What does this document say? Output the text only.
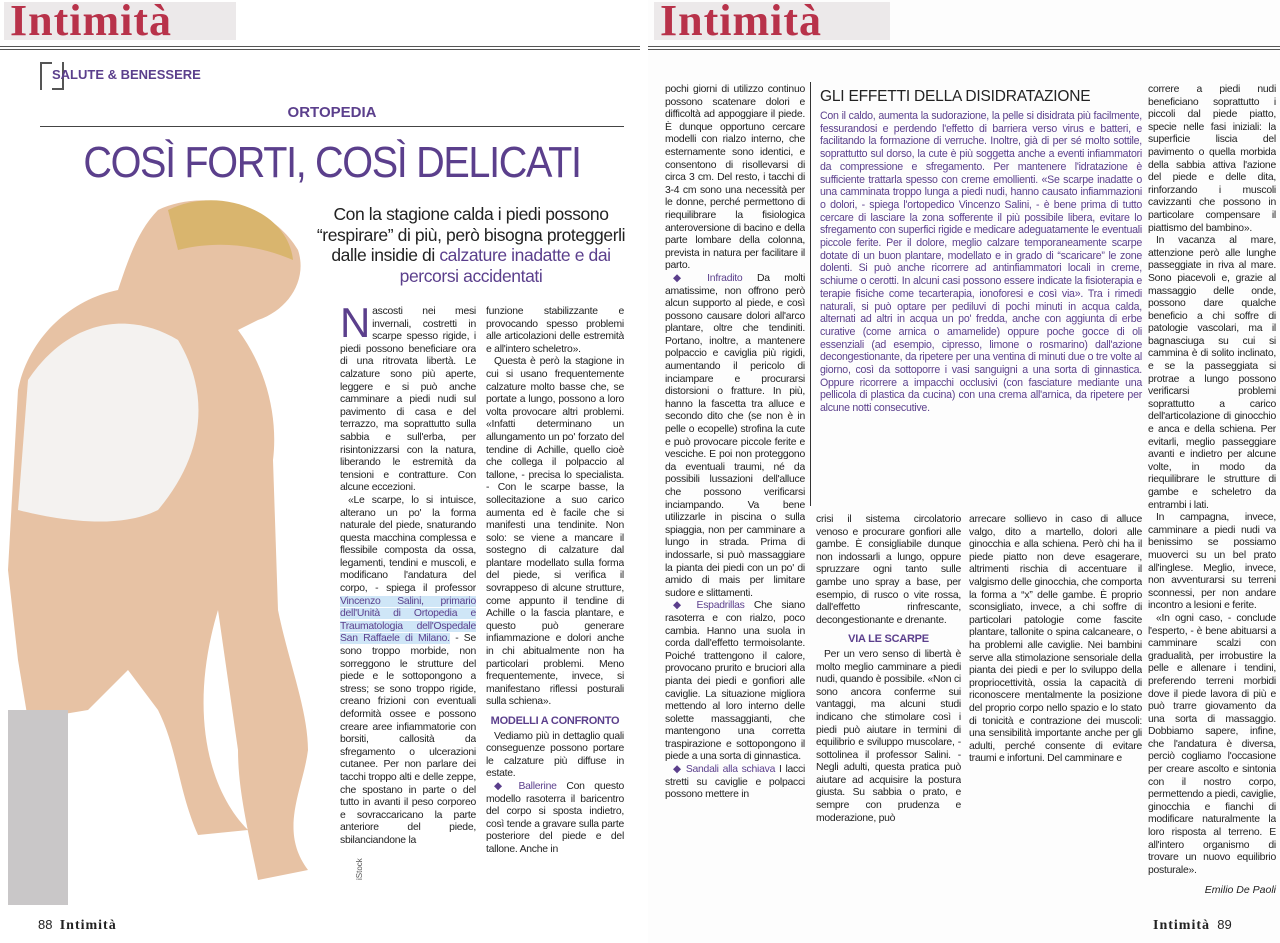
Intimità
SALUTE & BENESSERE
ORTOPEDIA
COSÌ FORTI, COSÌ DELICATI
iStock
Con la stagione calda i piedi possono “respirare” di più, però bisogna proteggerli dalle insidie di calzature inadatte e dai percorsi accidentati

Nascosti nei mesi invernali, costretti in scarpe spesso rigide, i piedi possono beneficiare ora di una ritrovata libertà. Le calzature sono più aperte, leggere e si può anche camminare a piedi nudi sul pavimento di casa e del terrazzo, ma soprattutto sulla sabbia e sull'erba, per risintonizzarsi con la natura, liberando le estremità da tensioni e contratture. Con alcune eccezioni.

«Le scarpe, lo si intuisce, alterano un po' la forma naturale del piede, snaturando questa macchina complessa e flessibile composta da ossa, legamenti, tendini e muscoli, e modificano l'andatura del corpo, - spiega il professor Vincenzo Salini, primario dell'Unità di Ortopedia e Traumatologia dell'Ospedale San Raffaele di Milano. - Se sono troppo morbide, non sorreggono le strutture del piede e le sottopongono a stress; se sono troppo rigide, creano frizioni con eventuali deformità ossee e possono creare aree infiammatorie con borsiti, callosità da sfregamento o ulcerazioni cutanee. Per non parlare dei tacchi troppo alti e delle zeppe, che spostano in parte o del tutto in avanti il peso corporeo e sovraccaricano la parte anteriore del piede, sbilanciandone la

funzione stabilizzante e provocando spesso problemi alle articolazioni delle estremità e all'intero scheletro».

Questa è però la stagione in cui si usano frequentemente calzature molto basse che, se portate a lungo, possono a loro volta provocare altri problemi. «Infatti determinano un allungamento un po' forzato del tendine di Achille, quello cioè che collega il polpaccio al tallone, - precisa lo specialista. - Con le scarpe basse, la sollecitazione a suo carico aumenta ed è facile che si manifesti una tendinite. Non solo: se viene a mancare il sostegno di calzature dal plantare modellato sulla forma del piede, si verifica il sovrappeso di alcune strutture, come appunto il tendine di Achille o la fascia plantare, e questo può generare infiammazione e dolori anche in chi abitualmente non ha particolari problemi. Meno frequentemente, invece, si manifestano riflessi posturali sulla schiena».

MODELLI A CONFRONTO

Vediamo più in dettaglio quali conseguenze possono portare le calzature più diffuse in estate.

◆ Ballerine Con questo modello rasoterra il baricentro del corpo si sposta indietro, così tende a gravare sulla parte posteriore del piede e del tallone. Anche in

88 Intimità
Intimità

pochi giorni di utilizzo continuo possono scatenare dolori e difficoltà ad appoggiare il piede. È dunque opportuno cercare modelli con rialzo interno, che esternamente sono identici, e consentono di risollevarsi di circa 3 cm. Del resto, i tacchi di 3-4 cm sono una necessità per le donne, perché permettono di riequilibrare la fisiologica anteroversione di bacino e della parte lombare della colonna, prevista in natura per facilitare il parto.

◆ Infradito Da molti amatissime, non offrono però alcun supporto al piede, e così possono causare dolori all'arco plantare, oltre che tendiniti. Portano, inoltre, a mantenere polpaccio e caviglia più rigidi, aumentando il pericolo di inciampare e procurarsi distorsioni o fratture. In più, hanno la fascetta tra alluce e secondo dito che (se non è in pelle o ecopelle) strofina la cute e può provocare piccole ferite e vesciche. E poi non proteggono da eventuali traumi, né da possibili lussazioni dell'alluce che possono verificarsi inciampando. Va bene utilizzarle in piscina o sulla spiaggia, non per camminare a lungo in strada. Prima di indossarle, si può massaggiare la pianta dei piedi con un po' di amido di mais per limitare sudore e slittamenti.

◆ Espadrillas Che siano rasoterra e con rialzo, poco cambia. Hanno una suola in corda dall'effetto termoisolante. Poiché trattengono il calore, provocano prurito e bruciori alla pianta dei piedi e gonfiori alle caviglie. La situazione migliora mettendo al loro interno delle solette massaggianti, che mantengono una corretta traspirazione e sottopongono il piede a una sorta di ginnastica.

◆ Sandali alla schiava I lacci stretti su caviglie e polpacci possono mettere in

GLI EFFETTI DELLA DISIDRATAZIONE
Con il caldo, aumenta la sudorazione, la pelle si disidrata più facilmente, fessurandosi e perdendo l'effetto di barriera verso virus e batteri, e facilitando la formazione di verruche. Inoltre, già di per sé molto sottile, soprattutto sul dorso, la cute è più soggetta anche a eventi infiammatori da compressione e sfregamento. Per mantenere l'idratazione è sufficiente trattarla spesso con creme emollienti. «Se scarpe inadatte o una camminata troppo lunga a piedi nudi, hanno causato infiammazioni o dolori, - spiega l'ortopedico Vincenzo Salini, - è bene prima di tutto cercare di lasciare la zona sofferente il più possibile libera, evitare lo sfregamento con superfici rigide e medicare adeguatamente le eventuali piccole ferite. Per il dolore, meglio calzare temporaneamente scarpe dotate di un buon plantare, modellato e in grado di “scaricare” le zone dolenti. Si può anche ricorrere ad antinfiammatori locali in creme, schiume o cerotti. In alcuni casi possono essere indicate la fisioterapia e terapie fisiche come tecarterapia, ionoforesi e così via». Tra i rimedi naturali, si può optare per pediluvi di pochi minuti in acqua calda, alternati ad altri in acqua un po' fredda, anche con aggiunta di erbe curative (come arnica o amamelide) oppure poche gocce di oli essenziali (ad esempio, cipresso, limone o rosmarino) dall'azione decongestionante, da ripetere per una ventina di minuti due o tre volte al giorno, così da sottoporre i vasi sanguigni a una sorta di ginnastica. Oppure ricorrere a impacchi occlusivi (con fasciature mediante una pellicola di plastica da cucina) con una crema all'arnica, da ripetere per alcune notti consecutive.

crisi il sistema circolatorio venoso e procurare gonfiori alle gambe. È consigliabile dunque non indossarli a lungo, oppure spruzzare ogni tanto sulle gambe uno spray a base, per esempio, di rusco o vite rossa, dall'effetto rinfrescante, decongestionante e drenante.

VIA LE SCARPE

Per un vero senso di libertà è molto meglio camminare a piedi nudi, quando è possibile. «Non ci sono ancora conferme sui vantaggi, ma alcuni studi indicano che stimolare così i piedi può aiutare in termini di equilibrio e sviluppo muscolare, - sottolinea il professor Salini. - Negli adulti, questa pratica può aiutare ad acquisire la postura giusta. Su sabbia o prato, e sempre con prudenza e moderazione, può

arrecare sollievo in caso di alluce valgo, dito a martello, dolori alle ginocchia e alla schiena. Però chi ha il piede piatto non deve esagerare, altrimenti rischia di accentuare il valgismo delle ginocchia, che comporta la forma a “x” delle gambe. È proprio sconsigliato, invece, a chi soffre di particolari patologie come fascite plantare, tallonite o spina calcaneare, o ha problemi alle caviglie. Nei bambini serve alla stimolazione sensoriale della pianta dei piedi e per lo sviluppo della propriocettività, ossia la capacità di riconoscere mentalmente la posizione del proprio corpo nello spazio e lo stato di tonicità e contrazione dei muscoli: una sensibilità importante anche per gli adulti, perché consente di evitare traumi e infortuni. Del camminare e

correre a piedi nudi beneficiano soprattutto i piccoli dal piede piatto, specie nelle fasi iniziali: la superficie liscia del pavimento o quella morbida della sabbia attiva l'azione del piede e delle dita, rinforzando i muscoli cavizzanti che possono in particolare compensare il piattismo del bambino».

In vacanza al mare, attenzione però alle lunghe passeggiate in riva al mare. Sono piacevoli e, grazie al massaggio delle onde, possono dare qualche beneficio a chi soffre di patologie vascolari, ma il bagnasciuga su cui si cammina è di solito inclinato, e se la passeggiata si protrae a lungo possono verificarsi problemi soprattutto a carico dell'articolazione di ginocchio e anca e della schiena. Per evitarli, meglio passeggiare avanti e indietro per alcune volte, in modo da riequilibrare le strutture di gambe e scheletro da entrambi i lati.

In campagna, invece, camminare a piedi nudi va benissimo se possiamo muoverci su un bel prato all'inglese. Meglio, invece, non avventurarsi su terreni sconnessi, per non andare incontro a lesioni e ferite.

«In ogni caso, - conclude l'esperto, - è bene abituarsi a camminare scalzi con gradualità, per irrobustire la pelle e allenare i tendini, preferendo terreni morbidi dove il piede lavora di più e può trarre giovamento da una sorta di massaggio. Dobbiamo sapere, infine, che l'andatura è diversa, perciò cogliamo l'occasione per creare ascolto e sintonia con il nostro corpo, permettendo a piedi, caviglie, ginocchia e fianchi di modificare naturalmente la loro risposta al terreno. E all'intero organismo di trovare un nuovo equilibrio posturale».

Emilio De Paoli
Intimità 89
